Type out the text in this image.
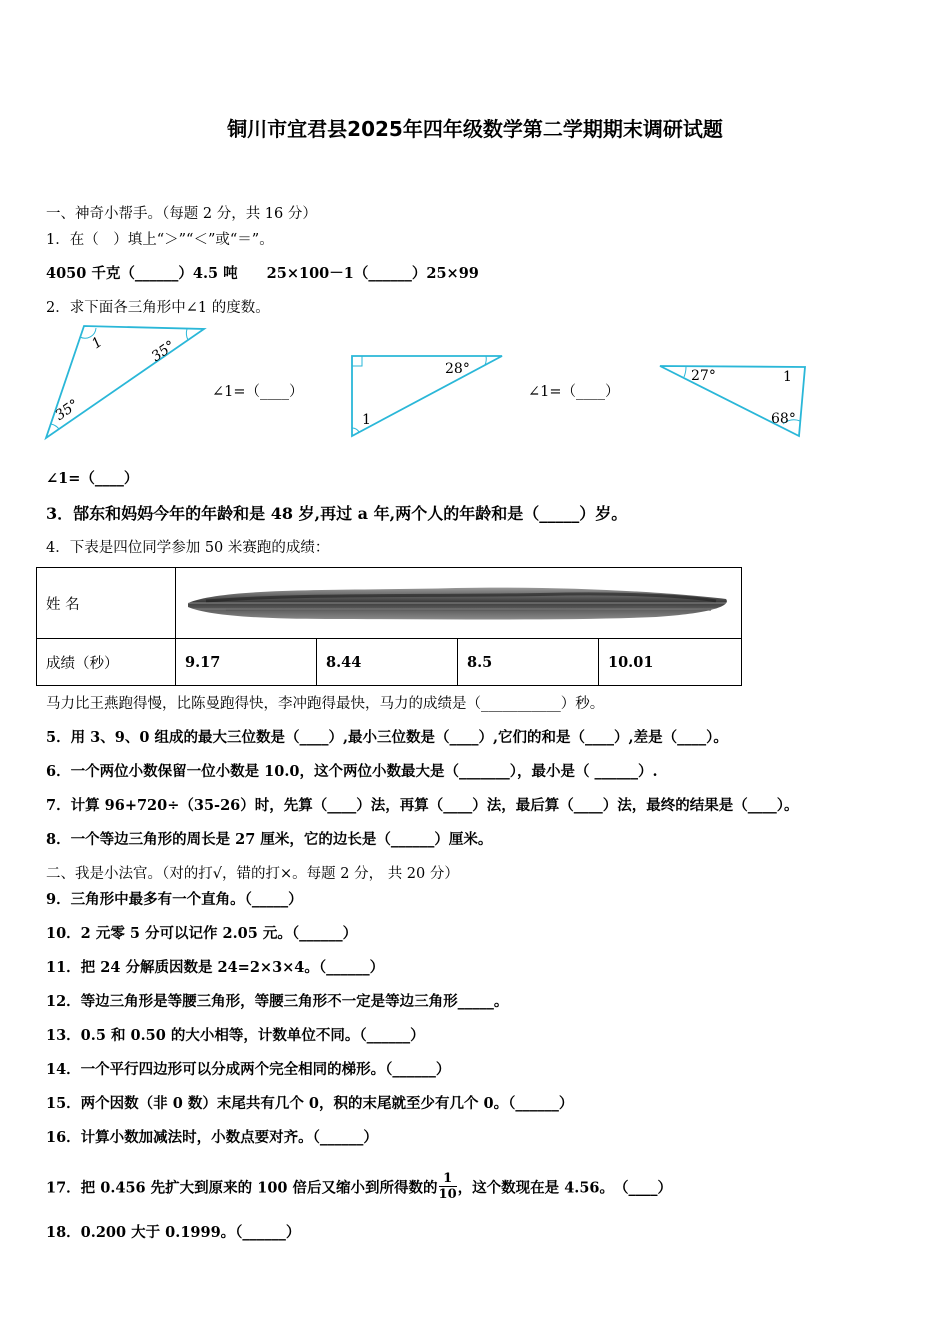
铜川市宜君县2025年四年级数学第二学期期末调研试题
一、神奇小帮手。（每题 2 分，共 16 分）
1．在（　）填上“＞”“＜”或“＝”。
4050 千克（______）4.5 吨　　25×100－1（______）25×99
2．求下面各三角形中∠1 的度数。
1	35°
35°
∠1=（____）
28°
1
∠1=（____）
27°	1
68°
∠1=（____）
3．郜东和妈妈今年的年龄和是 48 岁,再过 a 年,两个人的年龄和是（_____）岁。
4．下表是四位同学参加 50 米赛跑的成绩：
姓 名	

成绩（秒）	9.17	8.44	8.5	10.01
马力比王燕跑得慢，比陈曼跑得快，李冲跑得最快，马力的成绩是（___________）秒。
5．用 3、9、0 组成的最大三位数是（____）,最小三位数是（____）,它们的和是（____）,差是（____）。
6．一个两位小数保留一位小数是 10.0，这个两位小数最大是（_______），最小是（ ______）.
7．计算 96+720÷（35-26）时，先算（____）法，再算（____）法，最后算（____）法，最终的结果是（____）。
8．一个等边三角形的周长是 27 厘米，它的边长是（______）厘米。
二、我是小法官。（对的打√，错的打×。每题 2 分， 共 20 分）
9．三角形中最多有一个直角。（_____）
10．2 元零 5 分可以记作 2.05 元。（______）
11．把 24 分解质因数是 24=2×3×4。（______）
12．等边三角形是等腰三角形，等腰三角形不一定是等边三角形_____。
13．0.5 和 0.50 的大小相等，计数单位不同。（______）
14．一个平行四边形可以分成两个完全相同的梯形。（______）
15．两个因数（非 0 数）末尾共有几个 0，积的末尾就至少有几个 0。（______）
16．计算小数加减法时，小数点要对齐。（______）
17．把 0.456 先扩大到原来的 100 倍后又缩小到所得数的 $\frac{1}{10}$ ，这个数现在是 4.56。　（____）
18．0.200 大于 0.1999。（______）
